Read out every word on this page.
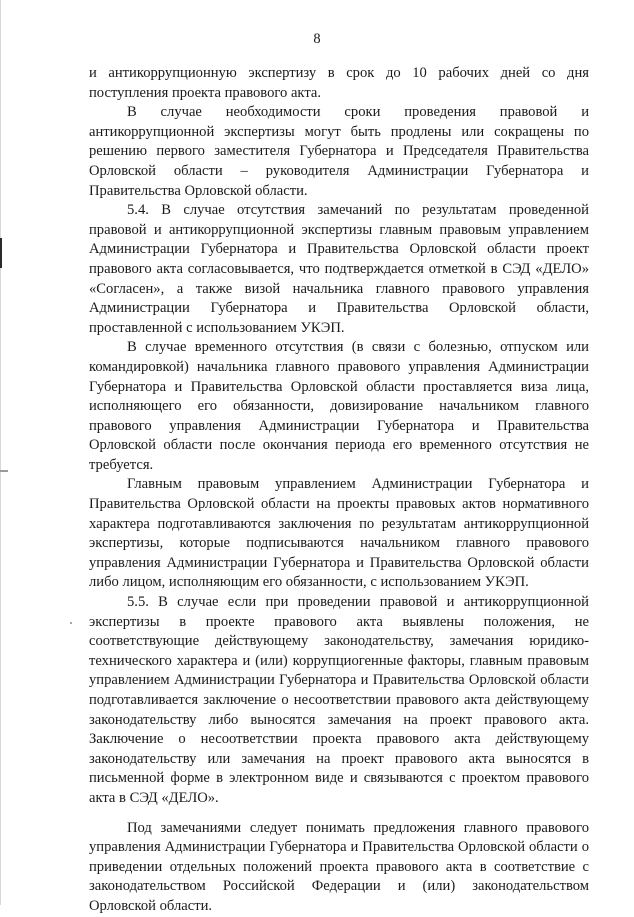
8

и антикоррупционную экспертизу в срок до 10 рабочих дней со дня поступления проекта правового акта.

В случае необходимости сроки проведения правовой и антикоррупционной экспертизы могут быть продлены или сокращены по решению первого заместителя Губернатора и Председателя Правительства Орловской области – руководителя Администрации Губернатора и Правительства Орловской области.

5.4. В случае отсутствия замечаний по результатам проведенной правовой и антикоррупционной экспертизы главным правовым управлением Администрации Губернатора и Правительства Орловской области проект правового акта согласовывается, что подтверждается отметкой в СЭД «ДЕЛО» «Согласен», а также визой начальника главного правового управления Администрации Губернатора и Правительства Орловской области, проставленной с использованием УКЭП.

В случае временного отсутствия (в связи с болезнью, отпуском или командировкой) начальника главного правового управления Администрации Губернатора и Правительства Орловской области проставляется виза лица, исполняющего его обязанности, довизирование начальником главного правового управления Администрации Губернатора и Правительства Орловской области после окончания периода его временного отсутствия не требуется.

Главным правовым управлением Администрации Губернатора и Правительства Орловской области на проекты правовых актов нормативного характера подготавливаются заключения по результатам антикоррупционной экспертизы, которые подписываются начальником главного правового управления Администрации Губернатора и Правительства Орловской области либо лицом, исполняющим его обязанности, с использованием УКЭП.

5.5. В случае если при проведении правовой и антикоррупционной экспертизы в проекте правового акта выявлены положения, не соответствующие действующему законодательству, замечания юридико-технического характера и (или) коррупциогенные факторы, главным правовым управлением Администрации Губернатора и Правительства Орловской области подготавливается заключение о несоответствии правового акта действующему законодательству либо выносятся замечания на проект правового акта. Заключение о несоответствии проекта правового акта действующему законодательству или замечания на проект правового акта выносятся в письменной форме в электронном виде и связываются с проектом правового акта в СЭД «ДЕЛО».

Под замечаниями следует понимать предложения главного правового управления Администрации Губернатора и Правительства Орловской области о приведении отдельных положений проекта правового акта в соответствие с законодательством Российской Федерации и (или) законодательством Орловской области.
